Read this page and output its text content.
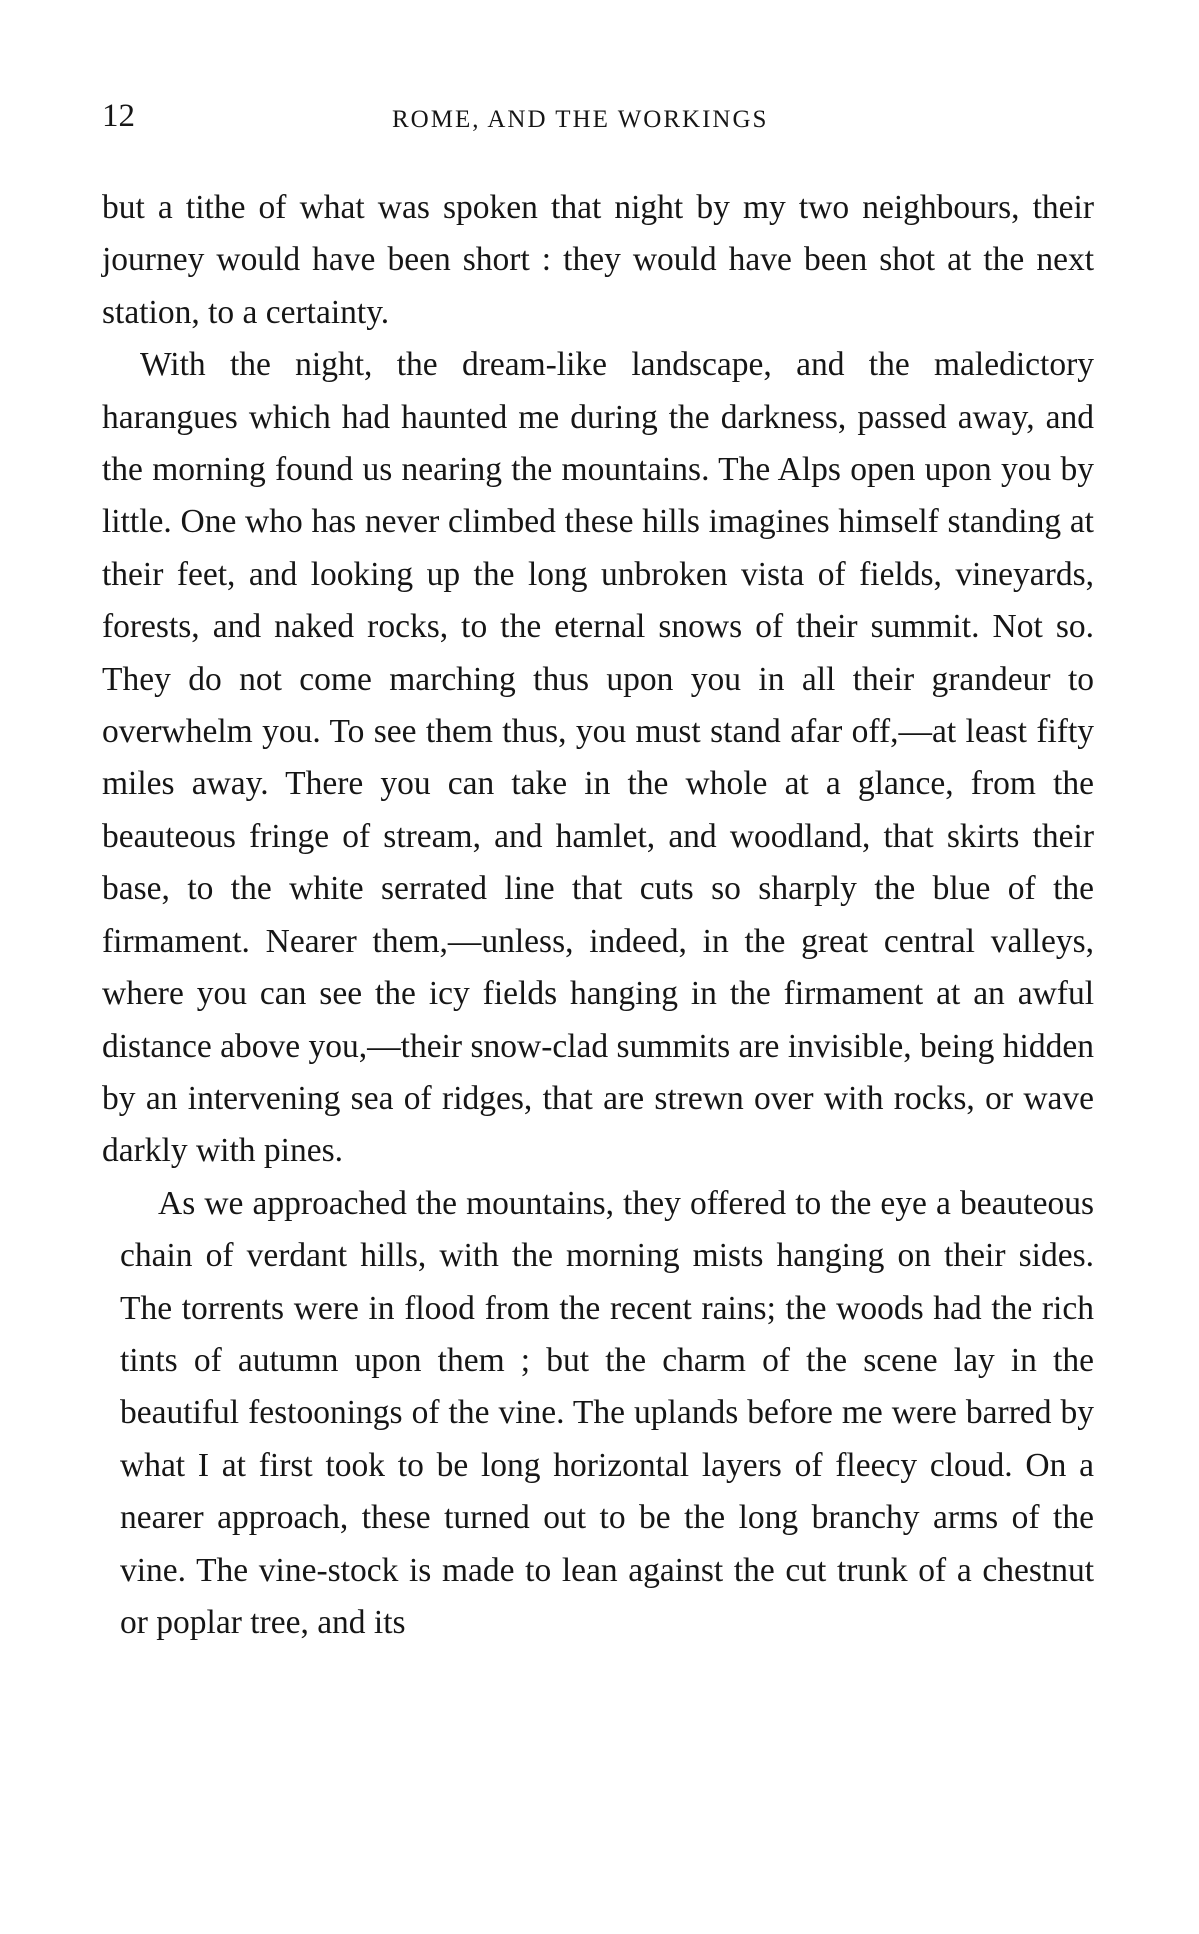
12	ROME, AND THE WORKINGS

but a tithe of what was spoken that night by my two neighbours, their journey would have been short : they would have been shot at the next station, to a certainty.

With the night, the dream-like landscape, and the maledictory harangues which had haunted me during the darkness, passed away, and the morning found us nearing the mountains. The Alps open upon you by little. One who has never climbed these hills imagines himself standing at their feet, and looking up the long unbroken vista of fields, vineyards, forests, and naked rocks, to the eternal snows of their summit. Not so. They do not come marching thus upon you in all their grandeur to overwhelm you. To see them thus, you must stand afar off,—at least fifty miles away. There you can take in the whole at a glance, from the beauteous fringe of stream, and hamlet, and woodland, that skirts their base, to the white serrated line that cuts so sharply the blue of the firmament. Nearer them,—unless, indeed, in the great central valleys, where you can see the icy fields hanging in the firmament at an awful distance above you,—their snow-clad summits are invisible, being hidden by an intervening sea of ridges, that are strewn over with rocks, or wave darkly with pines.

As we approached the mountains, they offered to the eye a beauteous chain of verdant hills, with the morning mists hanging on their sides. The torrents were in flood from the recent rains; the woods had the rich tints of autumn upon them ; but the charm of the scene lay in the beautiful festoonings of the vine. The uplands before me were barred by what I at first took to be long horizontal layers of fleecy cloud. On a nearer approach, these turned out to be the long branchy arms of the vine. The vine-stock is made to lean against the cut trunk of a chestnut or poplar tree, and its
